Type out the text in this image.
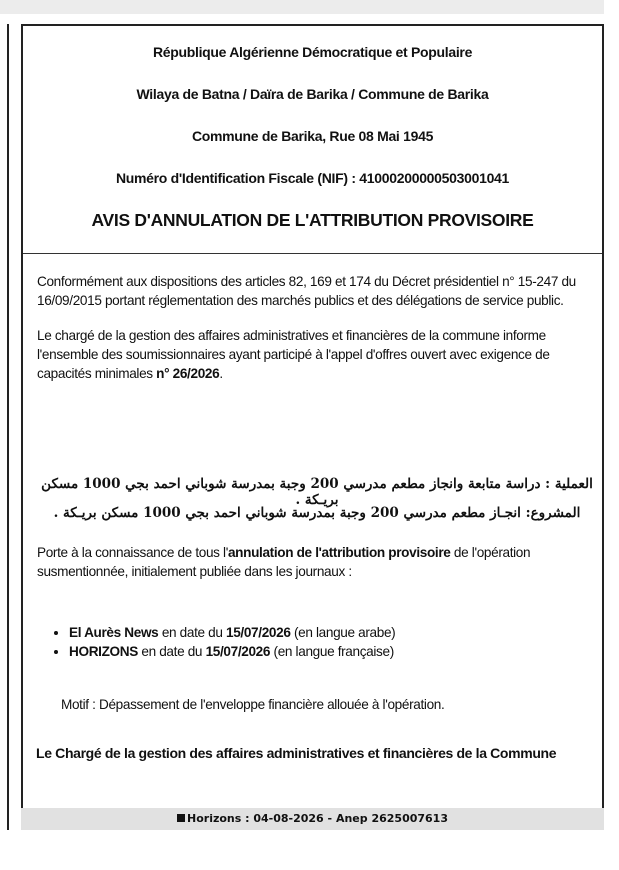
République Algérienne Démocratique et Populaire
Wilaya de Batna / Daïra de Barika / Commune de Barika
Commune de Barika, Rue 08 Mai 1945
Numéro d'Identification Fiscale (NIF) : 41000200000503001041
AVIS D'ANNULATION DE L'ATTRIBUTION PROVISOIRE
Conformément aux dispositions des articles 82, 169 et 174 du Décret présidentiel n° 15-247 du 16/09/2015 portant réglementation des marchés publics et des délégations de service public.
Le chargé de la gestion des affaires administratives et financières de la commune informe l'ensemble des soumissionnaires ayant participé à l'appel d'offres ouvert avec exigence de capacités minimales n° 26/2026.
العملية : دراسة متابعة وانجاز مطعم مدرسي 200 وجبة بمدرسة شوباني احمد بجي 1000 مسكن بريـكة .
المشروع: انجـاز مطعم مدرسي 200 وجبة بمدرسة شوباني احمد بجي 1000 مسكن بريـكة .
Porte à la connaissance de tous l'annulation de l'attribution provisoire de l'opération susmentionnée, initialement publiée dans les journaux :
• El Aurès News en date du 15/07/2026 (en langue arabe)
• HORIZONS en date du 15/07/2026 (en langue française)
Motif : Dépassement de l'enveloppe financière allouée à l'opération.
Le Chargé de la gestion des affaires administratives et financières de la Commune
Horizons : 04-08-2026 - Anep 2625007613
